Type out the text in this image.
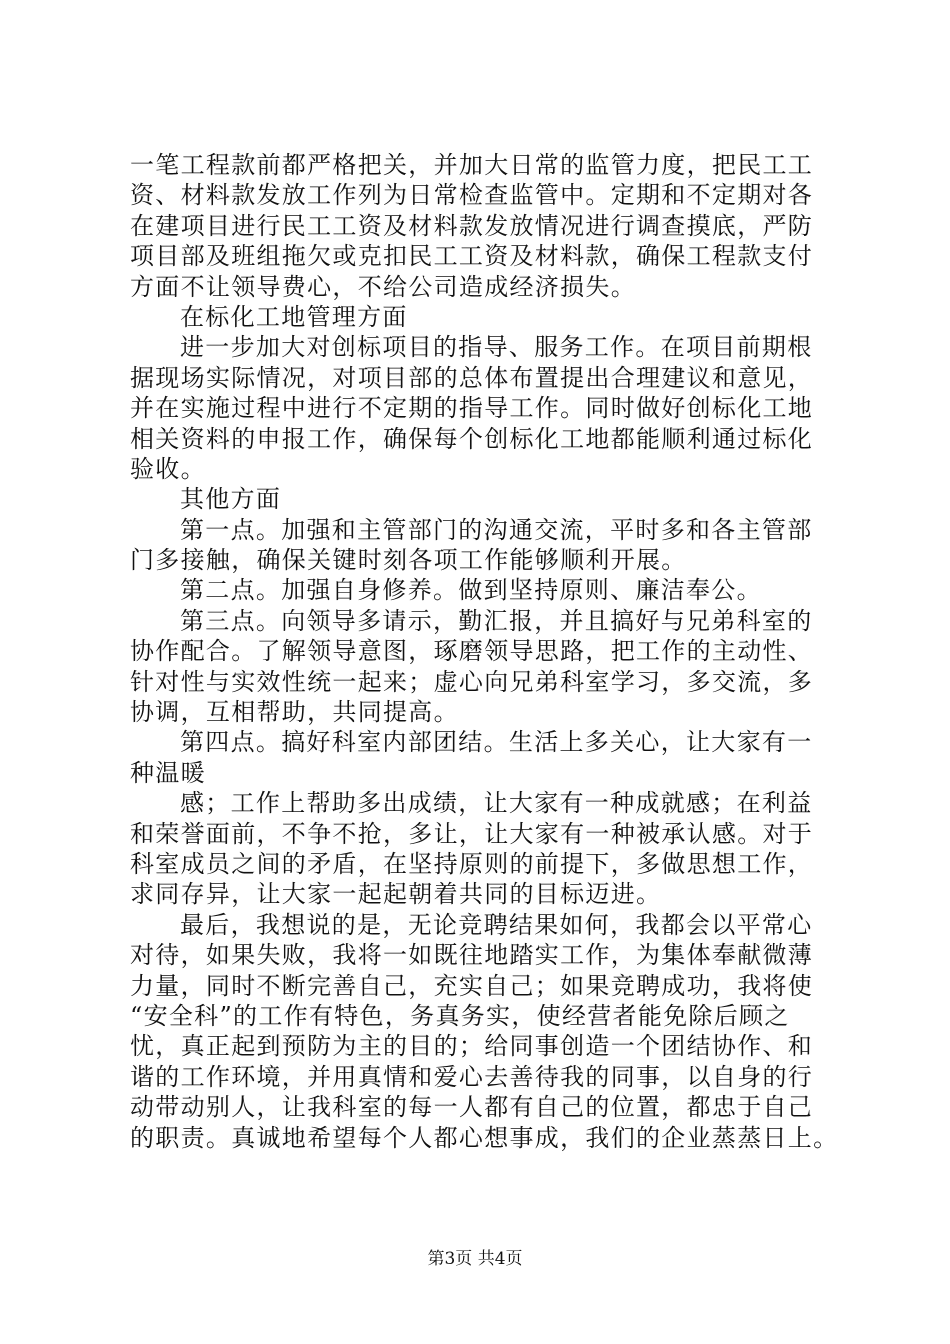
一笔工程款前都严格把关，并加大日常的监管力度，把民工工
资、材料款发放工作列为日常检查监管中。定期和不定期对各
在建项目进行民工工资及材料款发放情况进行调查摸底，严防
项目部及班组拖欠或克扣民工工资及材料款，确保工程款支付
方面不让领导费心，不给公司造成经济损失。
在标化工地管理方面
进一步加大对创标项目的指导、服务工作。在项目前期根
据现场实际情况，对项目部的总体布置提出合理建议和意见，
并在实施过程中进行不定期的指导工作。同时做好创标化工地
相关资料的申报工作，确保每个创标化工地都能顺利通过标化
验收。
其他方面
第一点。加强和主管部门的沟通交流，平时多和各主管部
门多接触，确保关键时刻各项工作能够顺利开展。
第二点。加强自身修养。做到坚持原则、廉洁奉公。
第三点。向领导多请示，勤汇报，并且搞好与兄弟科室的
协作配合。了解领导意图，琢磨领导思路，把工作的主动性、
针对性与实效性统一起来；虚心向兄弟科室学习，多交流，多
协调，互相帮助，共同提高。
第四点。搞好科室内部团结。生活上多关心，让大家有一
种温暖
感；工作上帮助多出成绩，让大家有一种成就感；在利益
和荣誉面前，不争不抢，多让，让大家有一种被承认感。对于
科室成员之间的矛盾，在坚持原则的前提下，多做思想工作，
求同存异，让大家一起起朝着共同的目标迈进。
最后，我想说的是，无论竞聘结果如何，我都会以平常心
对待，如果失败，我将一如既往地踏实工作，为集体奉献微薄
力量，同时不断完善自己，充实自己；如果竞聘成功，我将使
“安全科”的工作有特色，务真务实，使经营者能免除后顾之
忧，真正起到预防为主的目的；给同事创造一个团结协作、和
谐的工作环境，并用真情和爱心去善待我的同事，以自身的行
动带动别人，让我科室的每一人都有自己的位置，都忠于自己
的职责。真诚地希望每个人都心想事成，我们的企业蒸蒸日上。
第3页 共4页
